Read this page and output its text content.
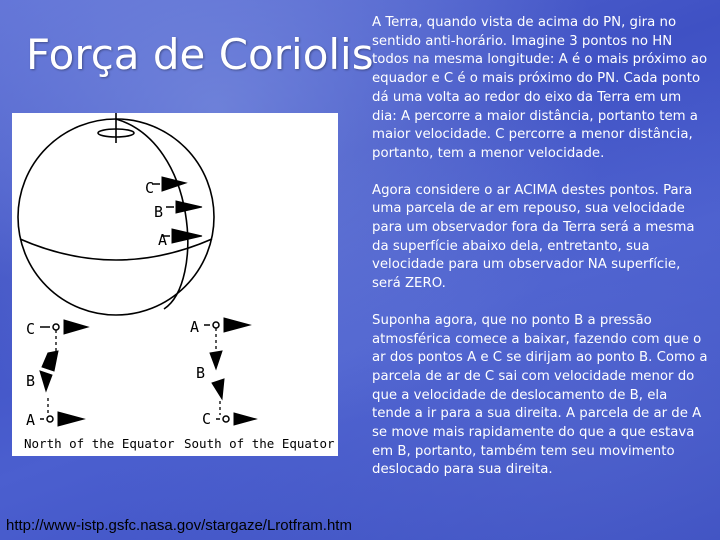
Força de Coriolis
C
B
A
C
B
A
North of the Equator
A
B
C
South of the Equator

A Terra, quando vista de acima do PN, gira no sentido anti-horário. Imagine 3 pontos no HN todos na mesma longitude: A é o mais próximo ao equador e C é o mais próximo do PN. Cada ponto dá uma volta ao redor do eixo da Terra em um dia: A percorre a maior distância, portanto tem a maior velocidade. C percorre a menor distância, portanto, tem a menor velocidade.

Agora considere o ar ACIMA destes pontos. Para uma parcela de ar em repouso, sua velocidade para um observador fora da Terra será a mesma da superfície abaixo dela, entretanto, sua velocidade para um observador NA superfície, será ZERO.

Suponha agora, que no ponto B a pressão atmosférica comece a baixar, fazendo com que o ar dos pontos A e C se dirijam ao ponto B. Como a parcela de ar de C sai com velocidade menor do que a velocidade de deslocamento de B, ela tende a ir para a sua direita. A parcela de ar de A se move mais rapidamente do que a que estava em B, portanto, também tem seu movimento deslocado para sua direita.

http://www-istp.gsfc.nasa.gov/stargaze/Lrotfram.htm
